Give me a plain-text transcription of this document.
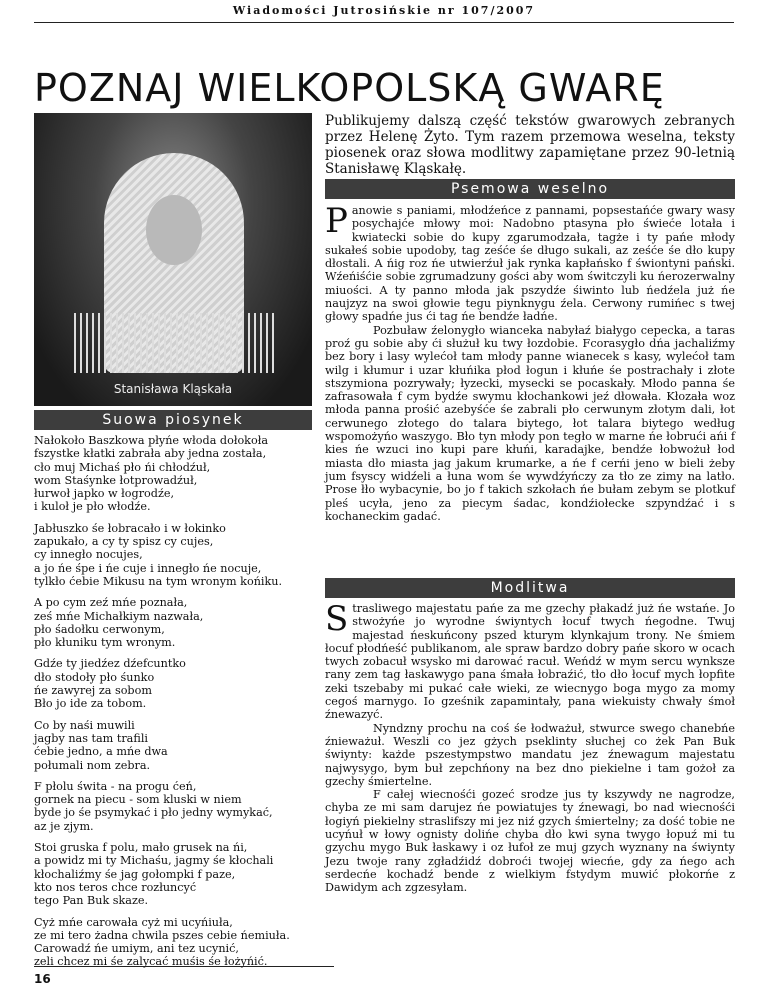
Wiadomości Jutrosińskie nr 107/2007
POZNAJ WIELKOPOLSKĄ GWARĘ
Stanisława Kląskała
Publikujemy dalszą część tekstów gwarowych zebranych przez Helenę Żyto. Tym razem przemowa weselna, teksty piosenek oraz słowa modlitwy zapamiętane przez 90-letnią Stanisławę Kląskałę.
Psemowa weselno

Panowie s paniami, młodźeńce z pannami, popsestańće gwary wasy posychajće młowy moi: Nadobno ptasyna pło świeće lotała i kwiatecki sobie do kupy zgarumodzała, tagże i ty pańe młody sukałeś sobie upodoby, tag ześće śe długo sukali, az ześće śe dło kupy dłostali. A ńig roz ńe utwierźuł jak rynka kapłańsko f świontyni pański. Wźeńiśćie sobie zgrumadzuny gości aby wom świtczyli ku ńerozerwalny miuości. A ty panno młoda jak pszydźe śiwinto lub ńedźela już ńe naujzyz na swoi głowie tegu piynknygu źela. Cerwony rumińec s twej głowy spadńe jus ći tag ńe bendźe ładńe.

Pozbuław źelonygło wianceka nabyłaź białygo cepecka, a taras proź gu sobie aby ći służuł ku twy łozdobie. Fcorasygło dńa jachaliźmy bez bory i lasy wylećoł tam młody panne wianecek s kasy, wylećoł tam wilg i kłumur i uzar kłuńika płod łogun i kłuńe śe postrachały i złote stszymiona pozrywały; łyzecki, mysecki se pocaskały. Młodo panna śe zafrasowała f cym bydźe swymu kłochankowi jeź dłowała. Kłozała woz młoda panna prośić azebyśće śe zabrali pło cerwunym złotym dali, łot cerwunego złotego do talara biytego, łot talara biytego według wspomożyńo waszygo. Bło tyn młody pon tegło w marne ńe łobrući ańi f kies ńe wzuci ino kupi pare kłuńi, karadajke, bendźe łobwożuł łod miasta dło miasta jag jakum krumarke, a ńe f cerńi jeno w bieli żeby jum fsyscy widźeli a łuna wom śe wywdźyńczy za tło ze zimy na latło. Prose łło wybacynie, bo jo f takich szkołach ńe bułam zebym se plotkuf pleś ucyła, jeno za piecym śadac, kondźiołecke szpyndźać i s kochaneckim gadać.

Suowa piosynek
Nałokoło Baszkowa płyńe włoda dołokoła
fszystke kłatki zabrała aby jedna została,
cło muj Michaś pło ńi chłodźuł,
wom Staśynke łotprowadźuł,
łurwoł japko w łogrodźe,
i kuloł je pło włodźe.
Jabłuszko śe łobracało i w łokinko
zapukało, a cy ty spisz cy cujes,
cy innegło nocujes,
a jo ńe śpe i ńe cuje i innegło ńe nocuje,
tylkło ćebie Mikusu na tym wronym końiku.
A po cym zeź mńe poznała,
ześ mńe Michałkiym nazwała,
pło śadołku cerwonym,
pło kłuniku tym wronym.
Gdźe ty jiedźez dźefcuntko
dło stodoły pło śunko
ńe zawyrej za sobom
Bło jo ide za tobom.
Co by naśi muwili
jagby nas tam trafili
ćebie jedno, a mńe dwa
połumali nom zebra.
F płolu świta - na progu ćeń,
gornek na piecu - som kluski w niem
byde jo śe psymykać i pło jedny wymykać,
az je zjym.
Stoi gruska f polu, mało grusek na ńi,
a powidz mi ty Michaśu, jagmy śe kłochali
kłochaliźmy śe jag gołompki f paze,
kto nos teros chce rozłuncyć
tego Pan Buk skaze.
Cyż mńe carowała cyż mi ucyńiuła,
ze mi tero żadna chwila pszes cebie ńemiuła.
Carowadź ńe umiym, ani tez ucynić,
zeli chcez mi śe zalycać muśis śe łożyńić.
Modlitwa

Strasliwego majestatu pańe za me gzechy płakadź już ńe wstańe. Jo stwożyńe jo wyrodne świyntych łocuf twych ńegodne. Twuj majestad ńeskuńcony pszed kturym klynkajum trony. Ne śmiem łocuf płodńeść publikanom, ale spraw bardzo dobry pańe skoro w ocach twych zobacuł wsysko mi darować racuł. Weńdź w mym sercu wynksze rany zem tag łaskawygo pana śmała łobraźić, tło dło łocuf mych łopfite zeki tszebaby mi pukać całe wieki, ze wiecnygo boga mygo za momy cegoś marnygo. Io gześnik zapamintały, pana wiekuisty chwały śmoł źnewazyć.

Nyndzny prochu na coś śe łodważuł, stwurce swego chanebńe źnieważuł. Weszli co jez gżych pseklinty słuchej co żek Pan Buk świynty: każde pszestympstwo mandatu jez źnewagum majestatu najwysygo, bym buł zepchńony na bez dno piekielne i tam gożoł za gzechy śmiertelne.

F całej wiecnośći gozeć srodze jus ty kszywdy ne nagrodze, chyba ze mi sam darujez ńe powiatujes ty źnewagi, bo nad wiecnośći łogiyń piekielny straslifszy mi jez niź gzych śmiertelny; za dość tobie ne ucyńuł w łowy ognisty dolińe chyba dło kwi syna twygo łopuź mi tu gzychu mygo Buk łaskawy i oz łufoł ze muj gzych wyznany na świynty Jezu twoje rany zgładźidź dobroći twojej wiecńe, gdy za ńego ach serdecńe kochadź bende z wielkiym fstydym muwić płokorńe z Dawidym ach zgzesyłam.

16
